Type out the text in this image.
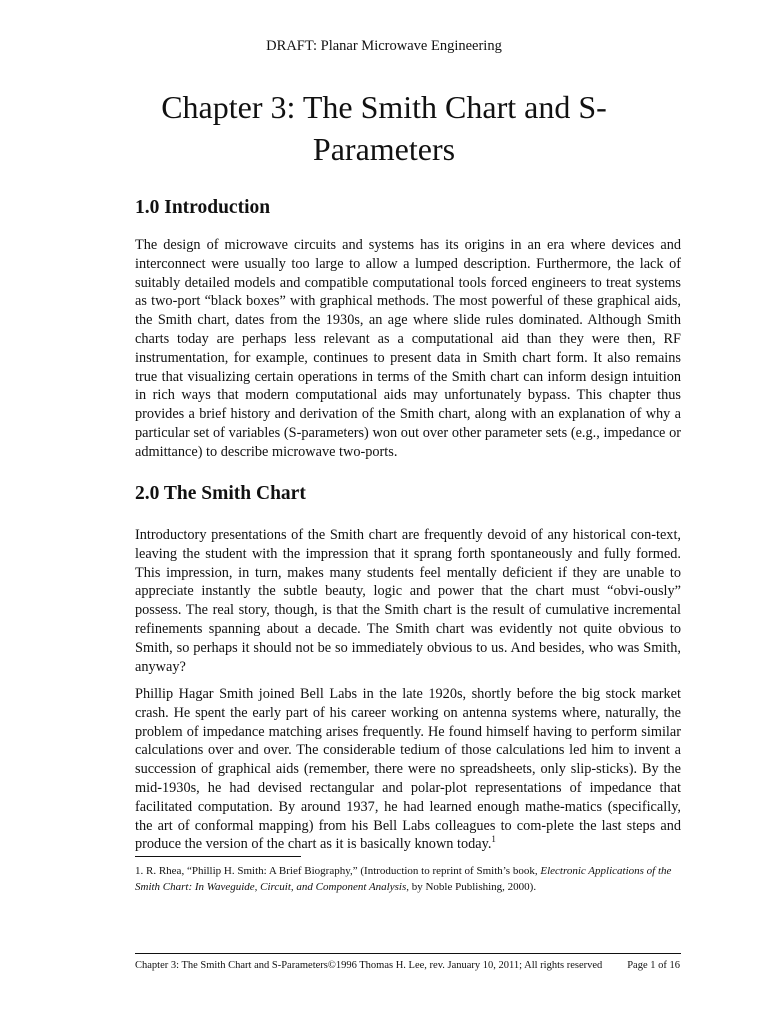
DRAFT: Planar Microwave Engineering
Chapter 3: The Smith Chart and S-
Parameters
1.0 Introduction

The design of microwave circuits and systems has its origins in an era where devices and interconnect were usually too large to allow a lumped description. Furthermore, the lack of suitably detailed models and compatible computational tools forced engineers to treat systems as two-port “black boxes” with graphical methods. The most powerful of these graphical aids, the Smith chart, dates from the 1930s, an age where slide rules dominated. Although Smith charts today are perhaps less relevant as a computational aid than they were then, RF instrumentation, for example, continues to present data in Smith chart form. It also remains true that visualizing certain operations in terms of the Smith chart can inform design intuition in rich ways that modern computational aids may unfortunately bypass. This chapter thus provides a brief history and derivation of the Smith chart, along with an explanation of why a particular set of variables (S-parameters) won out over other parameter sets (e.g., impedance or admittance) to describe microwave two-ports.

2.0 The Smith Chart

Introductory presentations of the Smith chart are frequently devoid of any historical con-text, leaving the student with the impression that it sprang forth spontaneously and fully formed. This impression, in turn, makes many students feel mentally deficient if they are unable to appreciate instantly the subtle beauty, logic and power that the chart must “obvi-ously” possess. The real story, though, is that the Smith chart is the result of cumulative incremental refinements spanning about a decade. The Smith chart was evidently not quite obvious to Smith, so perhaps it should not be so immediately obvious to us. And besides, who was Smith, anyway?

Phillip Hagar Smith joined Bell Labs in the late 1920s, shortly before the big stock market crash. He spent the early part of his career working on antenna systems where, naturally, the problem of impedance matching arises frequently. He found himself having to perform similar calculations over and over. The considerable tedium of those calculations led him to invent a succession of graphical aids (remember, there were no spreadsheets, only slip-sticks). By the mid-1930s, he had devised rectangular and polar-plot representations of impedance that facilitated computation. By around 1937, he had learned enough mathe-matics (specifically, the art of conformal mapping) from his Bell Labs colleagues to com-plete the last steps and produce the version of the chart as it is basically known today.$^1$

1. R. Rhea, “Phillip H. Smith: A Brief Biography,” (Introduction to reprint of Smith’s book, Electronic Applications of the Smith Chart: In Waveguide, Circuit, and Component Analysis, by Noble Publishing, 2000).

Chapter 3: The Smith Chart and S-Parameters©1996 Thomas H. Lee, rev. January 10, 2011; All rights reserved Page 1 of 16
